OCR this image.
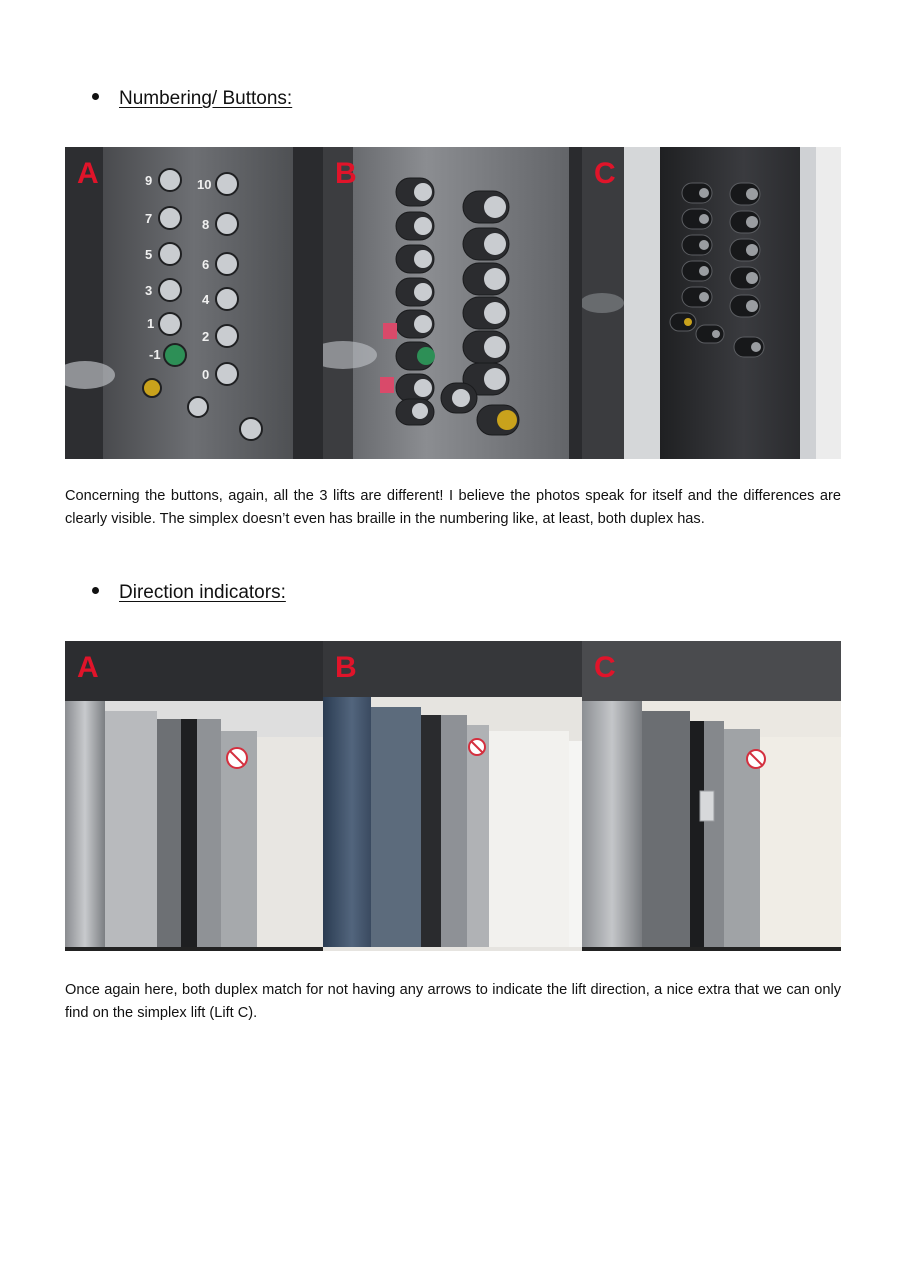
Numbering/ Buttons:
9	10
7	8
5
6
3
4
1
2
-1
0
A	B	C
Concerning the buttons, again, all the 3 lifts are different! I believe the photos speak for itself and the differences are clearly visible. The simplex doesn’t even has braille in the numbering like, at least, both duplex has.
Direction indicators:
A	B	C
Once again here, both duplex match for not having any arrows to indicate the lift direction, a nice extra that we can only find on the simplex lift (Lift C).
